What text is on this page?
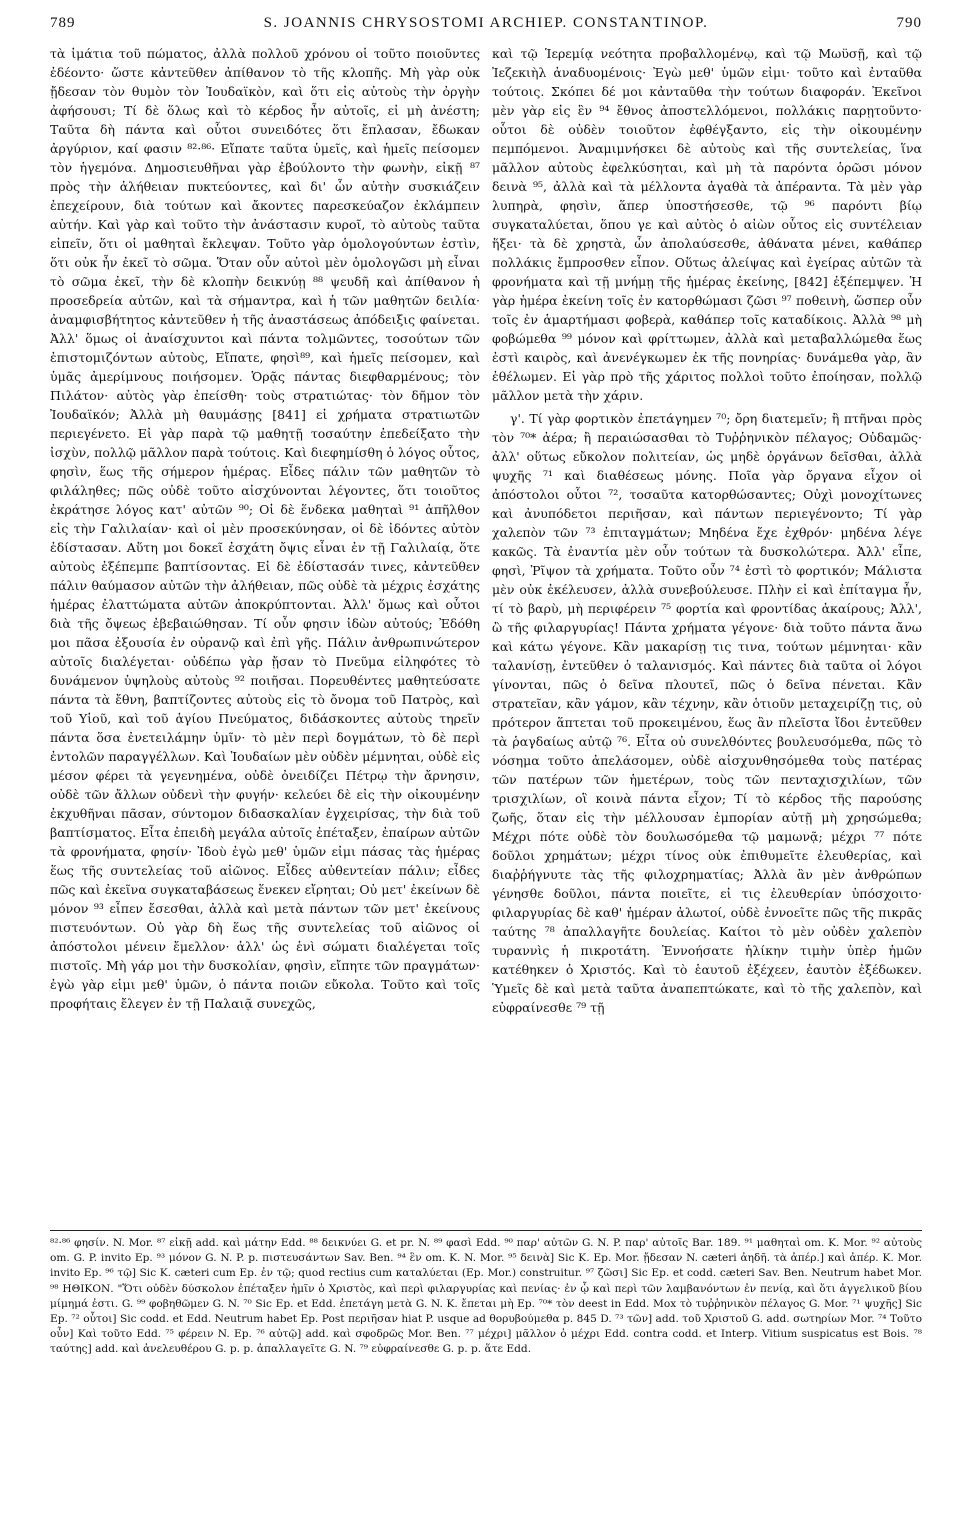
789	S. JOANNIS CHRYSOSTOMI ARCHIEP. CONSTANTINOP.	790

τὰ ἱμάτια τοῦ πώματος, ἀλλὰ πολλοῦ χρόνου οἱ τοῦτο ποιοῦντες ἐδέοντο· ὥστε κἀντεῦθεν ἀπίθανον τὸ τῆς κλοπῆς. Μὴ γὰρ οὐκ ᾔδεσαν τὸν θυμὸν τὸν Ἰουδαϊκὸν, καὶ ὅτι εἰς αὐτοὺς τὴν ὀργὴν ἀφήσουσι; Τί δὲ ὅλως καὶ τὸ κέρδος ἦν αὐτοῖς, εἰ μὴ ἀνέστη; Ταῦτα δὴ πάντα καὶ οὗτοι συνειδότες ὅτι ἔπλασαν, ἔδωκαν ἀργύριον, καί φασιν ⁸²·⁸⁶· Εἴπατε ταῦτα ὑμεῖς, καὶ ἡμεῖς πείσομεν τὸν ἡγεμόνα. Δημοσιευθῆναι γὰρ ἐβούλοντο τὴν φωνὴν, εἰκῇ ⁸⁷ πρὸς τὴν ἀλήθειαν πυκτεύοντες, καὶ δι' ὧν αὐτὴν συσκιάζειν ἐπεχείρουν, διὰ τούτων καὶ ἄκοντες παρεσκεύαζον ἐκλάμπειν αὐτήν. Καὶ γὰρ καὶ τοῦτο τὴν ἀνάστασιν κυροῖ, τὸ αὐτοὺς ταῦτα εἰπεῖν, ὅτι οἱ μαθηταὶ ἔκλεψαν. Τοῦτο γὰρ ὁμολογούντων ἐστὶν, ὅτι οὐκ ἦν ἐκεῖ τὸ σῶμα. Ὅταν οὖν αὐτοὶ μὲν ὁμολογῶσι μὴ εἶναι τὸ σῶμα ἐκεῖ, τὴν δὲ κλοπὴν δεικνύῃ ⁸⁸ ψευδῆ καὶ ἀπίθανον ἡ προσεδρεία αὐτῶν, καὶ τὰ σήμαντρα, καὶ ἡ τῶν μαθητῶν δειλία· ἀναμφισβήτητος κἀντεῦθεν ἡ τῆς ἀναστάσεως ἀπόδειξις φαίνεται. Ἀλλ' ὅμως οἱ ἀναίσχυντοι καὶ πάντα τολμῶντες, τοσούτων τῶν ἐπιστομιζόντων αὐτοὺς, Εἴπατε, φησὶ⁸⁹, καὶ ἡμεῖς πείσομεν, καὶ ὑμᾶς ἀμερίμνους ποιήσομεν. Ὁρᾷς πάντας διεφθαρμένους; τὸν Πιλάτον· αὐτὸς γὰρ ἐπείσθη· τοὺς στρατιώτας· τὸν δῆμον τὸν Ἰουδαϊκόν; Ἀλλὰ μὴ θαυμάσῃς [841] εἰ χρήματα στρατιωτῶν περιεγένετο. Εἰ γὰρ παρὰ τῷ μαθητῇ τοσαύτην ἐπεδείξατο τὴν ἰσχὺν, πολλῷ μᾶλλον παρὰ τούτοις. Καὶ διεφημίσθη ὁ λόγος οὗτος, φησὶν, ἕως τῆς σήμερον ἡμέρας. Εἶδες πάλιν τῶν μαθητῶν τὸ φιλάληθες; πῶς οὐδὲ τοῦτο αἰσχύνονται λέγοντες, ὅτι τοιοῦτος ἐκράτησε λόγος κατ' αὐτῶν ⁹⁰; Οἱ δὲ ἕνδεκα μαθηταὶ ⁹¹ ἀπῆλθον εἰς τὴν Γαλιλαίαν· καὶ οἱ μὲν προσεκύνησαν, οἱ δὲ ἰδόντες αὐτὸν ἐδίστασαν. Αὕτη μοι δοκεῖ ἐσχάτη ὄψις εἶναι ἐν τῇ Γαλιλαίᾳ, ὅτε αὐτοὺς ἐξέπεμπε βαπτίσοντας. Εἰ δὲ ἐδίστασάν τινες, κἀντεῦθεν πάλιν θαύμασον αὐτῶν τὴν ἀλήθειαν, πῶς οὐδὲ τὰ μέχρις ἐσχάτης ἡμέρας ἐλαττώματα αὐτῶν ἀποκρύπτονται. Ἀλλ' ὅμως καὶ οὗτοι διὰ τῆς ὄψεως ἐβεβαιώθησαν. Τί οὖν φησιν ἰδὼν αὐτούς; Ἐδόθη μοι πᾶσα ἐξουσία ἐν οὐρανῷ καὶ ἐπὶ γῆς. Πάλιν ἀνθρωπινώτερον αὐτοῖς διαλέγεται· οὐδέπω γὰρ ᾔσαν τὸ Πνεῦμα εἰληφότες τὸ δυνάμενον ὑψηλοὺς αὐτοὺς ⁹² ποιῆσαι. Πορευθέντες μαθητεύσατε πάντα τὰ ἔθνη, βαπτίζοντες αὐτοὺς εἰς τὸ ὄνομα τοῦ Πατρὸς, καὶ τοῦ Υἱοῦ, καὶ τοῦ ἁγίου Πνεύματος, διδάσκοντες αὐτοὺς τηρεῖν πάντα ὅσα ἐνετειλάμην ὑμῖν· τὸ μὲν περὶ δογμάτων, τὸ δὲ περὶ ἐντολῶν παραγγέλλων. Καὶ Ἰουδαίων μὲν οὐδὲν μέμνηται, οὐδὲ εἰς μέσον φέρει τὰ γεγενημένα, οὐδὲ ὀνειδίζει Πέτρῳ τὴν ἄρνησιν, οὐδὲ τῶν ἄλλων οὐδενὶ τὴν φυγήν· κελεύει δὲ εἰς τὴν οἰκουμένην ἐκχυθῆναι πᾶσαν, σύντομον διδασκαλίαν ἐγχειρίσας, τὴν διὰ τοῦ βαπτίσματος. Εἶτα ἐπειδὴ μεγάλα αὐτοῖς ἐπέταξεν, ἐπαίρων αὐτῶν τὰ φρονήματα, φησίν· Ἰδοὺ ἐγὼ μεθ' ὑμῶν εἰμι πάσας τὰς ἡμέρας ἕως τῆς συντελείας τοῦ αἰῶνος. Εἶδες αὐθεντείαν πάλιν; εἶδες πῶς καὶ ἐκεῖνα συγκαταβάσεως ἕνεκεν εἴρηται; Οὐ μετ' ἐκείνων δὲ μόνον ⁹³ εἶπεν ἔσεσθαι, ἀλλὰ καὶ μετὰ πάντων τῶν μετ' ἐκείνους πιστευόντων. Οὐ γὰρ δὴ ἕως τῆς συντελείας τοῦ αἰῶνος οἱ ἀπόστολοι μένειν ἔμελλον· ἀλλ' ὡς ἑνὶ σώματι διαλέγεται τοῖς πιστοῖς. Μὴ γάρ μοι τὴν δυσκολίαν, φησὶν, εἴπητε τῶν πραγμάτων· ἐγὼ γὰρ εἰμι μεθ' ὑμῶν, ὁ πάντα ποιῶν εὔκολα. Τοῦτο καὶ τοῖς προφήταις ἔλεγεν ἐν τῇ Παλαιᾷ συνεχῶς,

καὶ τῷ Ἱερεμίᾳ νεότητα προβαλλομένῳ, καὶ τῷ Μωϋσῇ, καὶ τῷ Ἰεζεκιὴλ ἀναδυομένοις· Ἐγὼ μεθ' ὑμῶν εἰμι· τοῦτο καὶ ἐνταῦθα τούτοις. Σκόπει δέ μοι κἀνταῦθα τὴν τούτων διαφοράν. Ἐκεῖνοι μὲν γὰρ εἰς ἓν ⁹⁴ ἔθνος ἀποστελλόμενοι, πολλάκις παρῃτοῦντο· οὗτοι δὲ οὐδὲν τοιοῦτον ἐφθέγξαντο, εἰς τὴν οἰκουμένην πεμπόμενοι. Ἀναμιμνήσκει δὲ αὐτοὺς καὶ τῆς συντελείας, ἵνα μᾶλλον αὐτοὺς ἐφελκύσηται, καὶ μὴ τὰ παρόντα ὁρῶσι μόνον δεινὰ ⁹⁵, ἀλλὰ καὶ τὰ μέλλοντα ἀγαθὰ τὰ ἀπέραντα. Τὰ μὲν γὰρ λυπηρὰ, φησὶν, ἅπερ ὑποστήσεσθε, τῷ ⁹⁶ παρόντι βίῳ συγκαταλύεται, ὅπου γε καὶ αὐτὸς ὁ αἰὼν οὗτος εἰς συντέλειαν ἥξει· τὰ δὲ χρηστὰ, ὧν ἀπολαύσεσθε, ἀθάνατα μένει, καθάπερ πολλάκις ἔμπροσθεν εἶπον. Οὕτως ἀλείψας καὶ ἐγείρας αὐτῶν τὰ φρονήματα καὶ τῇ μνήμῃ τῆς ἡμέρας ἐκείνης, [842] ἐξέπεμψεν. Ἡ γὰρ ἡμέρα ἐκείνη τοῖς ἐν κατορθώμασι ζῶσι ⁹⁷ ποθεινὴ, ὥσπερ οὖν τοῖς ἐν ἁμαρτήμασι φοβερὰ, καθάπερ τοῖς καταδίκοις. Ἀλλὰ ⁹⁸ μὴ φοβώμεθα ⁹⁹ μόνον καὶ φρίττωμεν, ἀλλὰ καὶ μεταβαλλώμεθα ἕως ἐστὶ καιρὸς, καὶ ἀνενέγκωμεν ἐκ τῆς πονηρίας· δυνάμεθα γὰρ, ἂν ἐθέλωμεν. Εἰ γὰρ πρὸ τῆς χάριτος πολλοὶ τοῦτο ἐποίησαν, πολλῷ μᾶλλον μετὰ τὴν χάριν.

γ'. Τί γὰρ φορτικὸν ἐπετάγημεν ⁷⁰; ὄρη διατεμεῖν; ἢ πτῆναι πρὸς τὸν ⁷⁰* ἀέρα; ἢ περαιώσασθαι τὸ Τυῤῥηνικὸν πέλαγος; Οὐδαμῶς· ἀλλ' οὕτως εὔκολον πολιτείαν, ὡς μηδὲ ὀργάνων δεῖσθαι, ἀλλὰ ψυχῆς ⁷¹ καὶ διαθέσεως μόνης. Ποῖα γὰρ ὄργανα εἶχον οἱ ἀπόστολοι οὗτοι ⁷², τοσαῦτα κατορθώσαντες; Οὐχὶ μονοχίτωνες καὶ ἀνυπόδετοι περιῆσαν, καὶ πάντων περιεγένοντο; Τί γὰρ χαλεπὸν τῶν ⁷³ ἐπιταγμάτων; Μηδένα ἔχε ἐχθρόν· μηδένα λέγε κακῶς. Τὰ ἐναντία μὲν οὖν τούτων τὰ δυσκολώτερα. Ἀλλ' εἶπε, φησὶ, Ῥῖψον τὰ χρήματα. Τοῦτο οὖν ⁷⁴ ἐστὶ τὸ φορτικόν; Μάλιστα μὲν οὐκ ἐκέλευσεν, ἀλλὰ συνεβούλευσε. Πλὴν εἰ καὶ ἐπίταγμα ἦν, τί τὸ βαρὺ, μὴ περιφέρειν ⁷⁵ φορτία καὶ φροντίδας ἀκαίρους; Ἀλλ', ὢ τῆς φιλαργυρίας! Πάντα χρήματα γέγονε· διὰ τοῦτο πάντα ἄνω καὶ κάτω γέγονε. Κἂν μακαρίσῃ τις τινα, τούτων μέμνηται· κἂν ταλανίσῃ, ἐντεῦθεν ὁ ταλανισμός. Καὶ πάντες διὰ ταῦτα οἱ λόγοι γίνονται, πῶς ὁ δεῖνα πλουτεῖ, πῶς ὁ δεῖνα πένεται. Κἂν στρατεῖαν, κἂν γάμον, κἂν τέχνην, κἂν ὁτιοῦν μεταχειρίζῃ τις, οὐ πρότερον ἅπτεται τοῦ προκειμένου, ἕως ἂν πλεῖστα ἴδοι ἐντεῦθεν τὰ ῥαγδαίως αὐτῷ ⁷⁶. Εἶτα οὐ συνελθόντες βουλευσόμεθα, πῶς τὸ νόσημα τοῦτο ἀπελάσομεν, οὐδὲ αἰσχυνθησόμεθα τοὺς πατέρας τῶν πατέρων τῶν ἡμετέρων, τοὺς τῶν πενταχισχιλίων, τῶν τρισχιλίων, οἳ κοινὰ πάντα εἶχον; Τί τὸ κέρδος τῆς παρούσης ζωῆς, ὅταν εἰς τὴν μέλλουσαν ἐμπορίαν αὐτῇ μὴ χρησώμεθα; Μέχρι πότε οὐδὲ τὸν δουλωσόμεθα τῷ μαμωνᾷ; μέχρι ⁷⁷ πότε δοῦλοι χρημάτων; μέχρι τίνος οὐκ ἐπιθυμεῖτε ἐλευθερίας, καὶ διαῤῥήγνυτε τὰς τῆς φιλοχρηματίας; Ἀλλὰ ἂν μὲν ἀνθρώπων γένησθε δοῦλοι, πάντα ποιεῖτε, εἰ τις ἐλευθερίαν ὑπόσχοιτο· φιλαργυρίας δὲ καθ' ἡμέραν ἀλωτοί, οὐδὲ ἐννοεῖτε πῶς τῆς πικρᾶς ταύτης ⁷⁸ ἀπαλλαγῆτε δουλείας. Καίτοι τὸ μὲν οὐδὲν χαλεπὸν τυραννὶς ἡ πικροτάτη. Ἐννοήσατε ἡλίκην τιμὴν ὑπὲρ ἡμῶν κατέθηκεν ὁ Χριστός. Καὶ τὸ ἑαυτοῦ ἐξέχεεν, ἑαυτὸν ἐξέδωκεν. Ὑμεῖς δὲ καὶ μετὰ ταῦτα ἀναπεπτώκατε, καὶ τὸ τῆς χαλεπὸν, καὶ εὐφραίνεσθε ⁷⁹ τῇ

⁸²·⁸⁶ φησίν. N. Mor. ⁸⁷ εἰκῇ add. καὶ μάτην Edd. ⁸⁸ δεικνύει G. et pr. N. ⁸⁹ φασὶ Edd. ⁹⁰ παρ' αὐτῶν G. N. P. παρ' αὐτοῖς Bar. 189. ⁹¹ μαθηταὶ om. K. Mor. ⁹² αὐτοὺς om. G. P. invito Ep. ⁹³ μόνον G. N. P. p. πιστευσάντων Sav. Ben. ⁹⁴ ἓν om. K. N. Mor. ⁹⁵ δεινὰ] Sic K. Ep. Mor. ᾔδεσαν N. cæteri ἀηδῆ. τὰ ἀπέρ.] καὶ ἀπέρ. K. Mor. invito Ep. ⁹⁶ τῷ] Sic K. cæteri cum Ep. ἐν τῷ; quod rectius cum καταλύεται (Ep. Mor.) construitur. ⁹⁷ ζῶσι] Sic Ep. et codd. cæteri Sav. Ben. Neutrum habet Mor. ⁹⁸ ΗΘΙΚΟΝ. "Ὅτι οὐδὲν δύσκολον ἐπέταξεν ἡμῖν ὁ Χριστὸς, καὶ περὶ φιλαργυρίας καὶ πενίας· ἐν ᾧ καὶ περὶ τῶν λαμβανόντων ἐν πενίᾳ, καὶ ὅτι ἀγγελικοῦ βίου μίμημά ἐστι. G. ⁹⁹ φοβηθῶμεν G. N. ⁷⁰ Sic Ep. et Edd. ἐπετάγη μετὰ G. N. K. ἔπεται μὴ Ep. ⁷⁰* τὸν deest in Edd. Mox τὸ τυῤῥηνικὸν πέλαγος G. Mor. ⁷¹ ψυχῆς] Sic Ep. ⁷² οὗτοι] Sic codd. et Edd. Neutrum habet Ep. Post περιῆσαν hiat P. usque ad θορυβούμεθα p. 845 D. ⁷³ τῶν] add. τοῦ Χριστοῦ G. add. σωτηρίων Mor. ⁷⁴ Τοῦτο οὖν] Καὶ τοῦτο Edd. ⁷⁵ φέρειν N. Ep. ⁷⁶ αὐτῷ] add. καὶ σφοδρῶς Mor. Ben. ⁷⁷ μέχρι] μᾶλλον ὁ μέχρι Edd. contra codd. et Interp. Vitium suspicatus est Bois. ⁷⁸ ταύτης] add. καὶ ἀνελευθέρου G. p. p. ἀπαλλαγεῖτε G. N. ⁷⁹ εὐφραίνεσθε G. p. p. ἅτε Edd.
